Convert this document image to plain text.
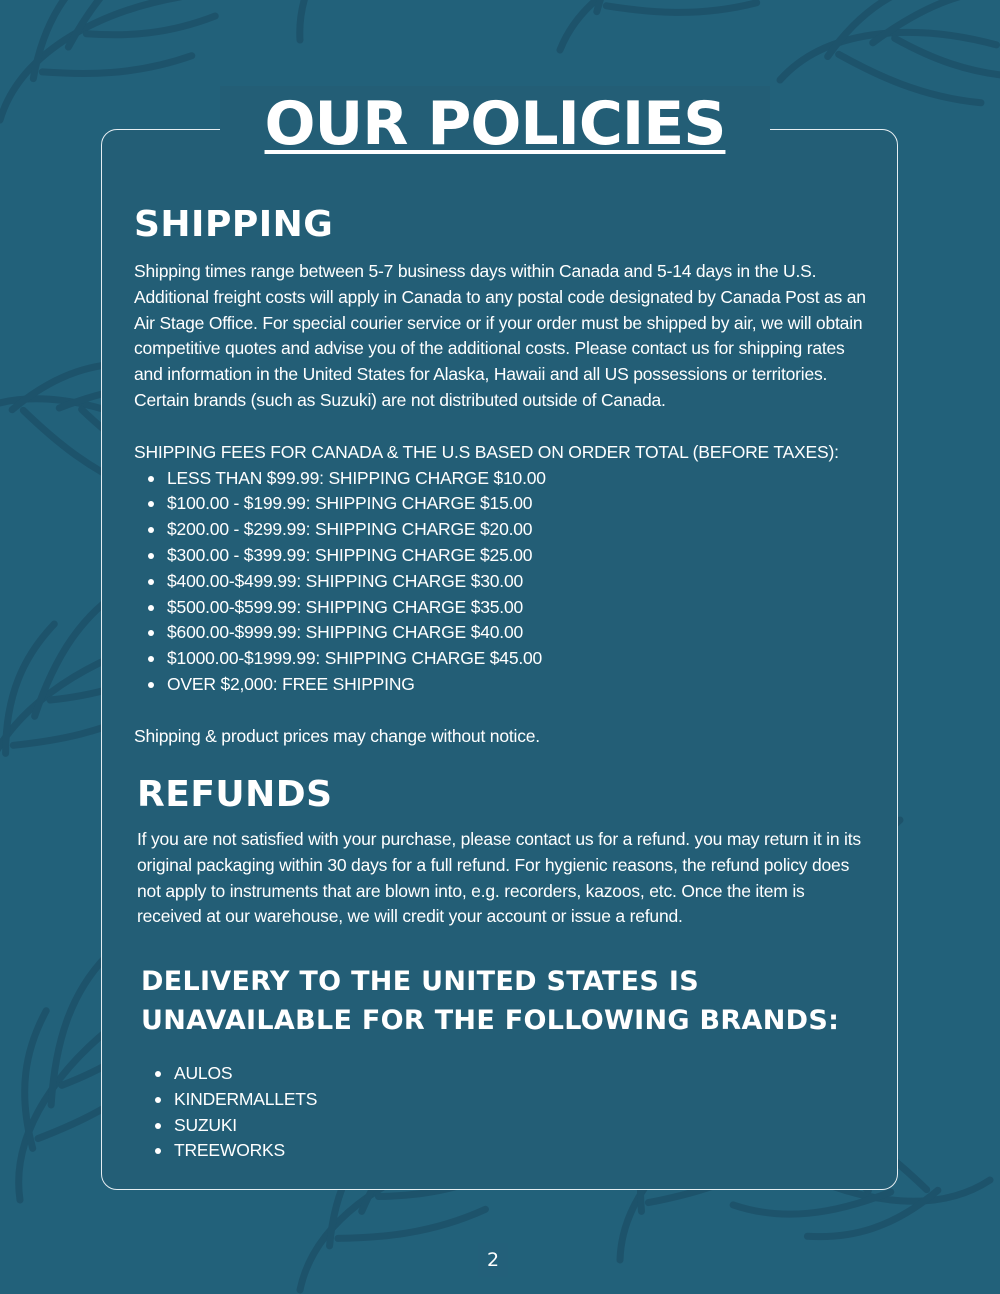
OUR POLICIES
SHIPPING

Shipping times range between 5-7 business days within Canada and 5-14 days in the U.S. Additional freight costs will apply in Canada to any postal code designated by Canada Post as an Air Stage Office. For special courier service or if your order must be shipped by air, we will obtain competitive quotes and advise you of the additional costs. Please contact us for shipping rates and information in the United States for Alaska, Hawaii and all US possessions or territories. Certain brands (such as Suzuki) are not distributed outside of Canada.

SHIPPING FEES FOR CANADA & THE U.S BASED ON ORDER TOTAL (BEFORE TAXES):

LESS THAN $99.99: SHIPPING CHARGE $10.00
$100.00 - $199.99: SHIPPING CHARGE $15.00
$200.00 - $299.99: SHIPPING CHARGE $20.00
$300.00 - $399.99: SHIPPING CHARGE $25.00
$400.00-$499.99: SHIPPING CHARGE $30.00
$500.00-$599.99: SHIPPING CHARGE $35.00
$600.00-$999.99: SHIPPING CHARGE $40.00
$1000.00-$1999.99: SHIPPING CHARGE $45.00
OVER $2,000: FREE SHIPPING

Shipping & product prices may change without notice.

REFUNDS

If you are not satisfied with your purchase, please contact us for a refund. you may return it in its original packaging within 30 days for a full refund. For hygienic reasons, the refund policy does not apply to instruments that are blown into, e.g. recorders, kazoos, etc. Once the item is received at our warehouse, we will credit your account or issue a refund.

DELIVERY TO THE UNITED STATES IS
UNAVAILABLE FOR THE FOLLOWING BRANDS:
AULOS
KINDERMALLETS
SUZUKI
TREEWORKS
2
